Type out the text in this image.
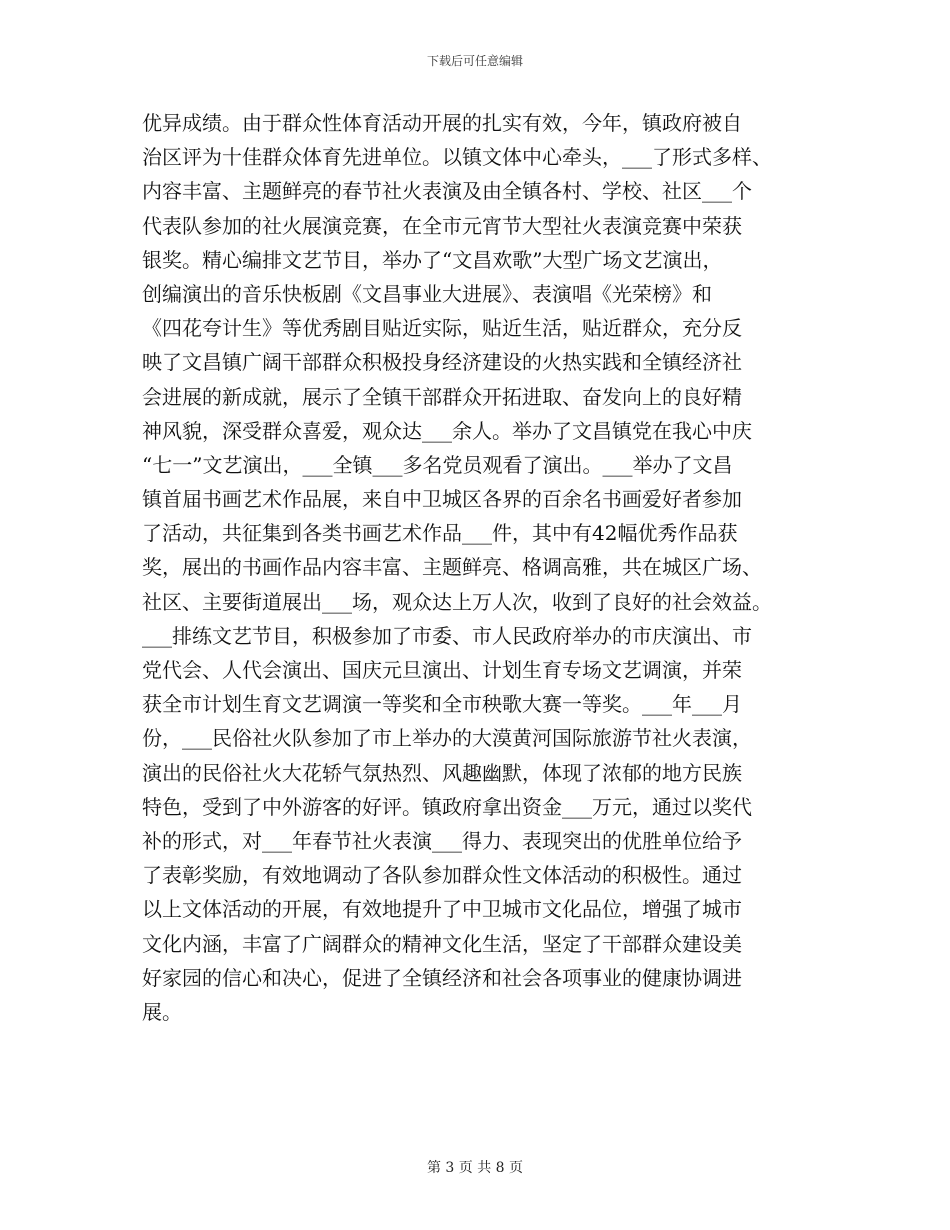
下载后可任意编辑
优异成绩。由于群众性体育活动开展的扎实有效，今年，镇政府被自
治区评为十佳群众体育先进单位。以镇文体中心牵头，___了形式多样、
内容丰富、主题鲜亮的春节社火表演及由全镇各村、学校、社区___个
代表队参加的社火展演竞赛，在全市元宵节大型社火表演竞赛中荣获
银奖。精心编排文艺节目，举办了“文昌欢歌”大型广场文艺演出，
创编演出的音乐快板剧《文昌事业大进展》、表演唱《光荣榜》和
《四花夸计生》等优秀剧目贴近实际，贴近生活，贴近群众，充分反
映了文昌镇广阔干部群众积极投身经济建设的火热实践和全镇经济社
会进展的新成就，展示了全镇干部群众开拓进取、奋发向上的良好精
神风貌，深受群众喜爱，观众达___余人。举办了文昌镇党在我心中庆
“七一”文艺演出，___全镇___多名党员观看了演出。___举办了文昌
镇首届书画艺术作品展，来自中卫城区各界的百余名书画爱好者参加
了活动，共征集到各类书画艺术作品___件，其中有42幅优秀作品获
奖，展出的书画作品内容丰富、主题鲜亮、格调高雅，共在城区广场、
社区、主要街道展出___场，观众达上万人次，收到了良好的社会效益。
___排练文艺节目，积极参加了市委、市人民政府举办的市庆演出、市
党代会、人代会演出、国庆元旦演出、计划生育专场文艺调演，并荣
获全市计划生育文艺调演一等奖和全市秧歌大赛一等奖。___年___月
份，___民俗社火队参加了市上举办的大漠黄河国际旅游节社火表演，
演出的民俗社火大花轿气氛热烈、风趣幽默，体现了浓郁的地方民族
特色，受到了中外游客的好评。镇政府拿出资金___万元，通过以奖代
补的形式，对___年春节社火表演___得力、表现突出的优胜单位给予
了表彰奖励，有效地调动了各队参加群众性文体活动的积极性。通过
以上文体活动的开展，有效地提升了中卫城市文化品位，增强了城市
文化内涵，丰富了广阔群众的精神文化生活，坚定了干部群众建设美
好家园的信心和决心，促进了全镇经济和社会各项事业的健康协调进
展。
第 3 页 共 8 页
